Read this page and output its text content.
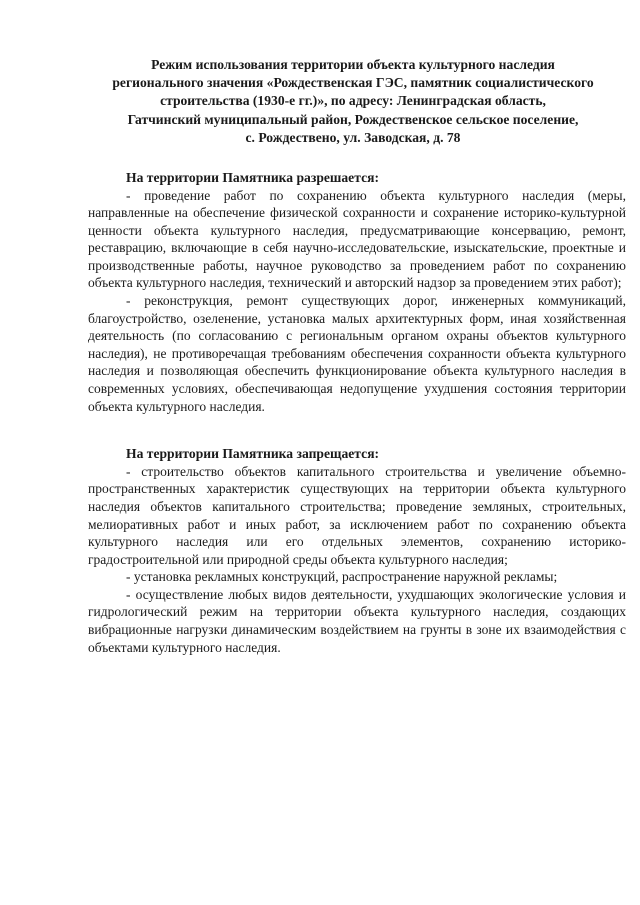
Режим использования территории объекта культурного наследия
регионального значения «Рождественская ГЭС, памятник социалистического
строительства (1930-е гг.)», по адресу: Ленинградская область,
Гатчинский муниципальный район, Рождественское сельское поселение,
с. Рождествено, ул. Заводская, д. 78

На территории Памятника разрешается:

- проведение работ по сохранению объекта культурного наследия (меры, направленные на обеспечение физической сохранности и сохранение историко-культурной ценности объекта культурного наследия, предусматривающие консервацию, ремонт, реставрацию, включающие в себя научно-исследовательские, изыскательские, проектные и производственные работы, научное руководство за проведением работ по сохранению объекта культурного наследия, технический и авторский надзор за проведением этих работ);

- реконструкция, ремонт существующих дорог, инженерных коммуникаций, благоустройство, озеленение, установка малых архитектурных форм, иная хозяйственная деятельность (по согласованию с региональным органом охраны объектов культурного наследия), не противоречащая требованиям обеспечения сохранности объекта культурного наследия и позволяющая обеспечить функционирование объекта культурного наследия в современных условиях, обеспечивающая недопущение ухудшения состояния территории объекта культурного наследия.

На территории Памятника запрещается:

- строительство объектов капитального строительства и увеличение объемно-пространственных характеристик существующих на территории объекта культурного наследия объектов капитального строительства; проведение земляных, строительных, мелиоративных работ и иных работ, за исключением работ по сохранению объекта культурного наследия или его отдельных элементов, сохранению историко-градостроительной или природной среды объекта культурного наследия;

- установка рекламных конструкций, распространение наружной рекламы;

- осуществление любых видов деятельности, ухудшающих экологические условия и гидрологический режим на территории объекта культурного наследия, создающих вибрационные нагрузки динамическим воздействием на грунты в зоне их взаимодействия с объектами культурного наследия.
